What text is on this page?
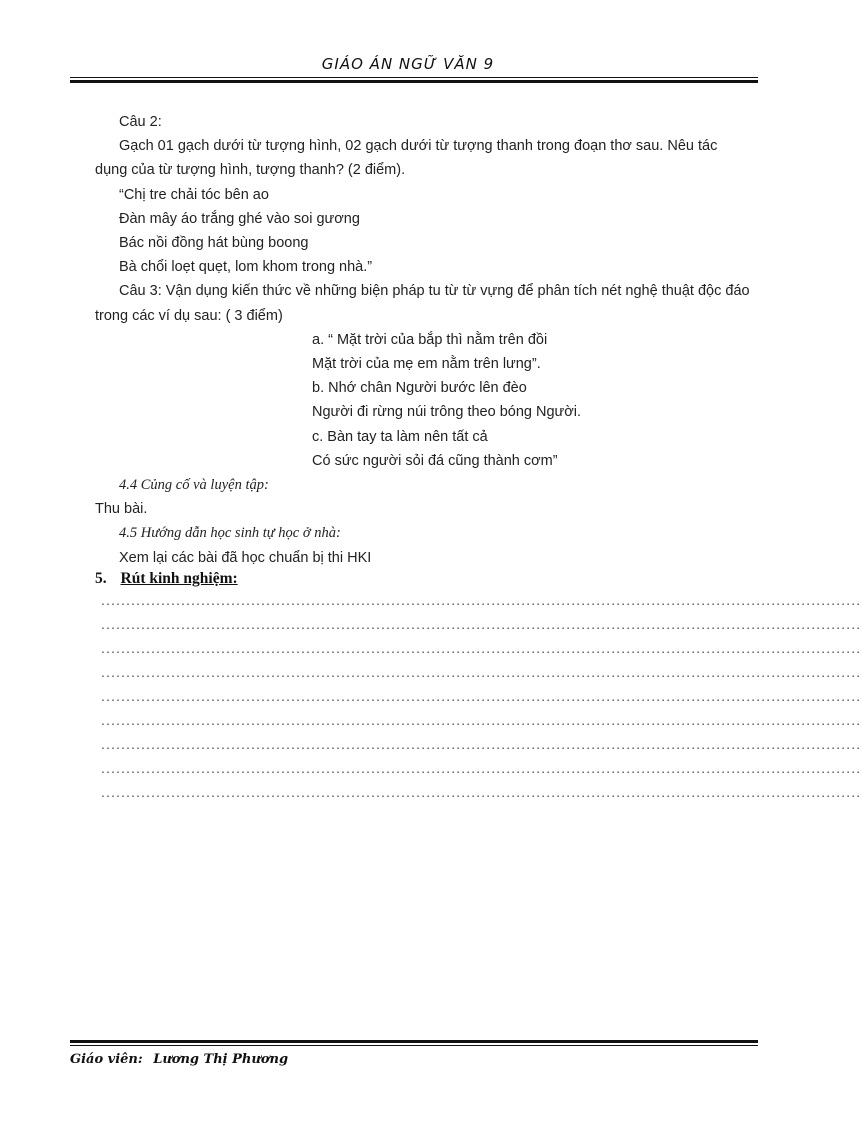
GIÁO ÁN NGỮ VĂN 9

Câu 2:

Gạch 01 gạch dưới từ tượng hình, 02 gạch dưới từ tượng thanh trong đoạn thơ sau. Nêu tác dụng của từ tượng hình, tượng thanh? (2 điểm).

“Chị tre chải tóc bên ao

Đàn mây áo trắng ghé vào soi gương

Bác nồi đồng hát bùng boong

Bà chổi loẹt quẹt, lom khom trong nhà.”

Câu 3: Vận dụng kiến thức về những biện pháp tu từ từ vựng để phân tích nét nghệ thuật độc đáo trong các ví dụ sau: ( 3 điểm)

a. “ Mặt trời của bắp thì nằm trên đồi

Mặt trời của mẹ em nằm trên lưng”.

b. Nhớ chân Người bước lên đèo

Người đi rừng núi trông theo bóng Người.

c. Bàn tay ta làm nên tất cả

Có sức người sỏi đá cũng thành cơm”

4.4 Củng cố và luyện tập:

Thu bài.

4.5 Hướng dẫn học sinh tự học ở nhà:

Xem lại các bài đã học chuẩn bị thi HKI

5. Rút kinh nghiệm:
........................................................................................................................................................
........................................................................................................................................................
........................................................................................................................................................
........................................................................................................................................................
........................................................................................................................................................
........................................................................................................................................................
........................................................................................................................................................
........................................................................................................................................................
........................................................................................................................................................
Giáo viên: Lương Thị Phương
